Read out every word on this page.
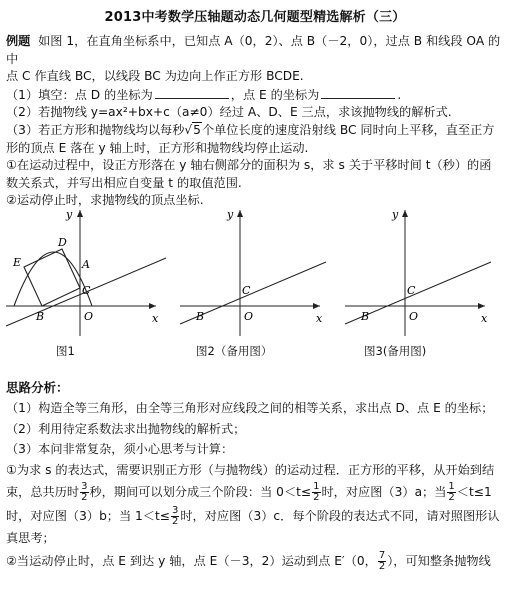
2013中考数学压轴题动态几何题型精选解析（三）

例题 如图 1，在直角坐标系中，已知点 A（0，2）、点 B（－2，0），过点 B 和线段 OA 的中

点 C 作直线 BC，以线段 BC 为边向上作正方形 BCDE.

（1）填空：点 D 的坐标为	，点 E 的坐标为	.

（2）若抛物线 y=ax²+bx+c（a≠0）经过 A、D、E 三点，求该抛物线的解析式.

（3）若正方形和抛物线均以每秒√5个单位长度的速度沿射线 BC 同时向上平移，直至正方

形的顶点 E 落在 y 轴上时，正方形和抛物线均停止运动.

①在运动过程中，设正方形落在 y 轴右侧部分的面积为 s，求 s 关于平移时间 t（秒）的函

数关系式，并写出相应自变量 t 的取值范围.

②运动停止时，求抛物线的顶点坐标.

y
x
D
E	A
C
B	O
图1
y
x
C
B	O
图2（备用图）
y
x
C
B	O
图3(备用图)
思路分析：

（1）构造全等三角形，由全等三角形对应线段之间的相等关系，求出点 D、点 E 的坐标；

（2）利用待定系数法求出抛物线的解析式；

（3）本问非常复杂，须小心思考与计算：

①为求 s 的表达式，需要识别正方形（与抛物线）的运动过程．正方形的平移，从开始到结

束，总共历时 $\frac{3}{2}$ 秒，期间可以划分成三个阶段：当 $0<t\le \frac{1}{2}$ 时，对应图（3）a；当 $\frac{1}{2} <t\le 1$

时，对应图（3）b；当 $1<t\le \frac{3}{2}$ 时，对应图（3）c．每个阶段的表达式不同，请对照图形认

真思考；

②当运动停止时，点 E 到达 y 轴，点 E（－3，2）运动到点 E′（0， $\frac{7}{2}$ ），可知整条抛物线
